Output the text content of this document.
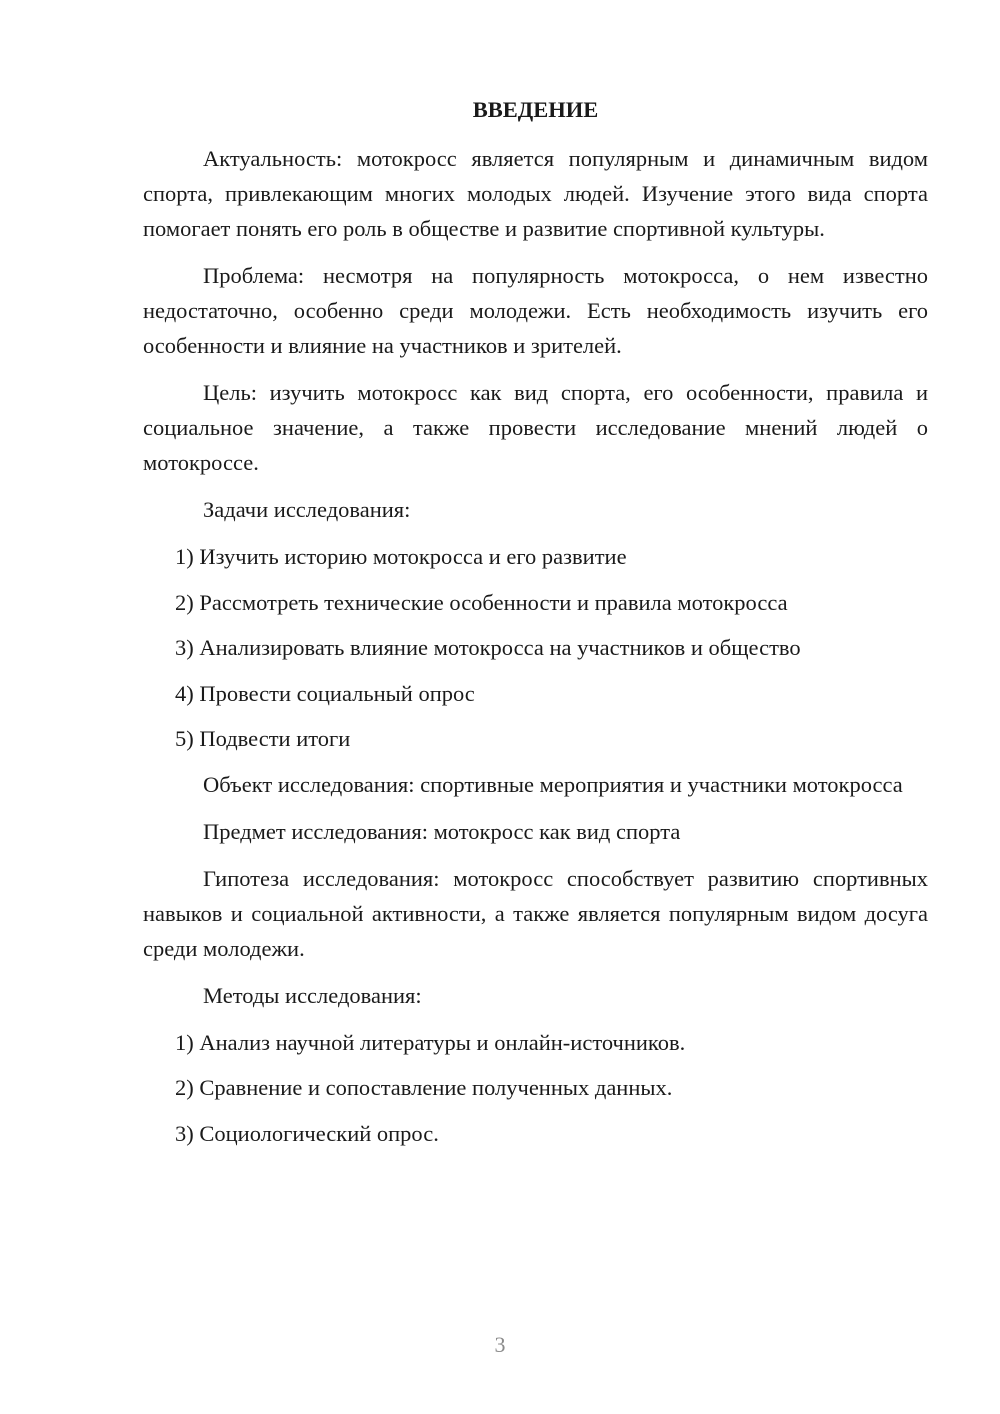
ВВЕДЕНИЕ

Актуальность: мотокросс является популярным и динамичным видом спорта, привлекающим многих молодых людей. Изучение этого вида спорта помогает понять его роль в обществе и развитие спортивной культуры.

Проблема: несмотря на популярность мотокросса, о нем известно недостаточно, особенно среди молодежи. Есть необходимость изучить его особенности и влияние на участников и зрителей.

Цель: изучить мотокросс как вид спорта, его особенности, правила и социальное значение, а также провести исследование мнений людей о мотокроссе.

Задачи исследования:

1) Изучить историю мотокросса и его развитие
2) Рассмотреть технические особенности и правила мотокросса
3) Анализировать влияние мотокросса на участников и общество
4) Провести социальный опрос
5) Подвести итоги

Объект исследования: спортивные мероприятия и участники мотокросса

Предмет исследования: мотокросс как вид спорта

Гипотеза исследования: мотокросс способствует развитию спортивных навыков и социальной активности, а также является популярным видом досуга среди молодежи.

Методы исследования:

1) Анализ научной литературы и онлайн-источников.
2) Сравнение и сопоставление полученных данных.
3) Социологический опрос.
3
